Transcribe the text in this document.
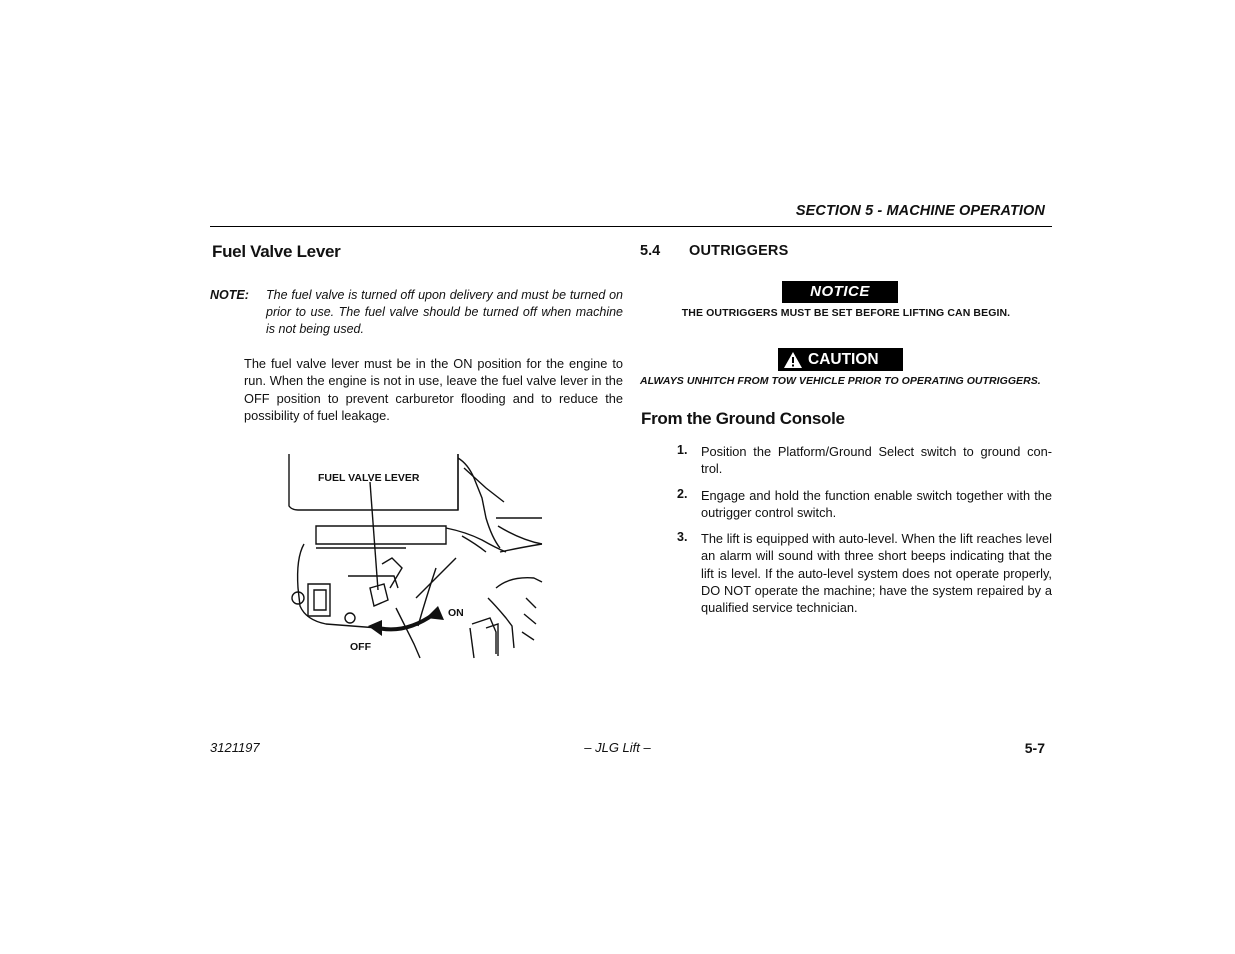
SECTION 5 - MACHINE OPERATION
Fuel Valve Lever
NOTE: The fuel valve is turned off upon delivery and must be turned on prior to use. The fuel valve should be turned off when machine is not being used.
The fuel valve lever must be in the ON position for the engine to run. When the engine is not in use, leave the fuel valve lever in the OFF position to prevent carburetor flooding and to reduce the possibility of fuel leakage.
FUEL VALVE LEVER
ON
OFF
5.4 OUTRIGGERS
NOTICE
THE OUTRIGGERS MUST BE SET BEFORE LIFTING CAN BEGIN.
CAUTION
ALWAYS UNHITCH FROM TOW VEHICLE PRIOR TO OPERATING OUTRIGGERS.
From the Ground Console
1. Position the Platform/Ground Select switch to ground con- trol.
2. Engage and hold the function enable switch together with the outrigger control switch.
3. The lift is equipped with auto-level. When the lift reaches level an alarm will sound with three short beeps indicating that the lift is level. If the auto-level system does not operate properly, DO NOT operate the machine; have the system repaired by a qualified service technician.
3121197	– JLG Lift –	5-7
